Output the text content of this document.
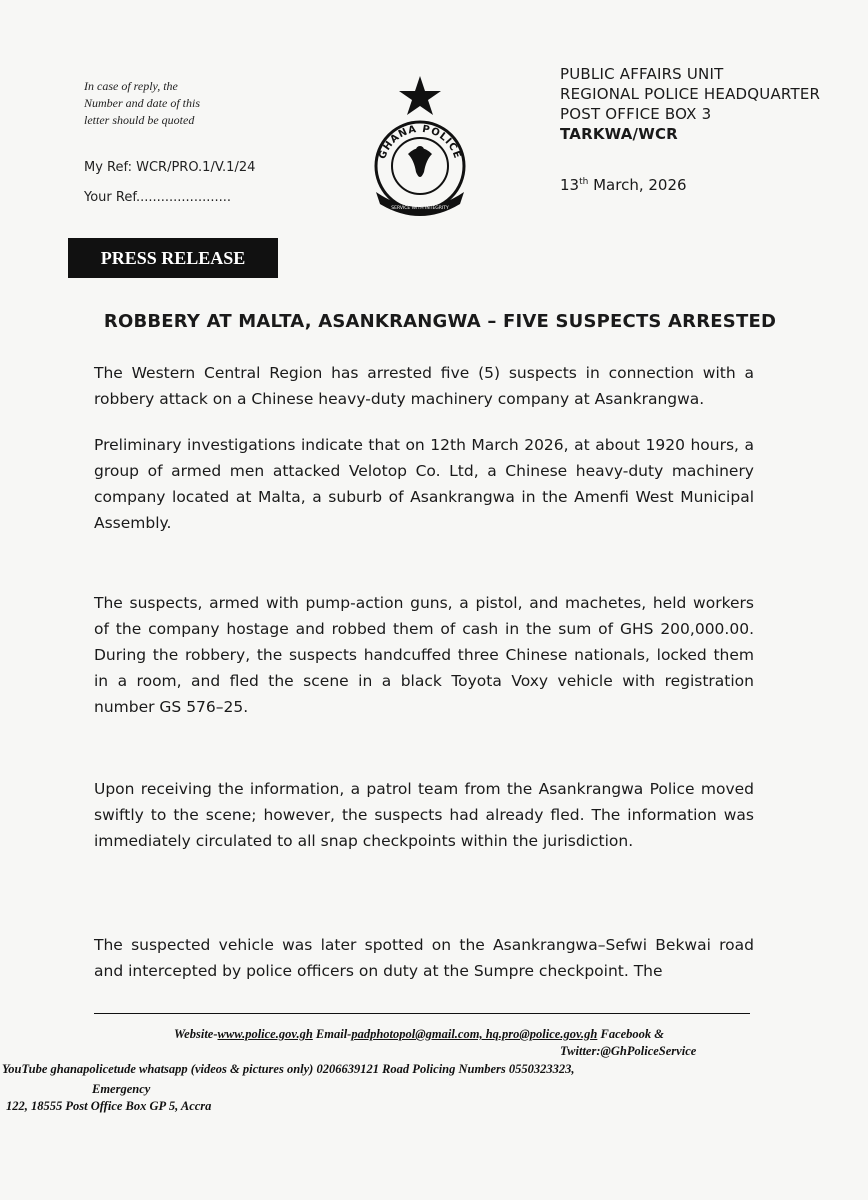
In case of reply, the
Number and date of this
letter should be quoted
My Ref: WCR/PRO.1/V.1/24
Your Ref.......................
GHANA POLICE
SERVICE WITH INTEGRITY
PUBLIC AFFAIRS UNIT
REGIONAL POLICE HEADQUARTER
POST OFFICE BOX 3
TARKWA/WCR
13th March, 2026
PRESS RELEASE
ROBBERY AT MALTA, ASANKRANGWA – FIVE SUSPECTS ARRESTED
The Western Central Region has arrested five (5) suspects in connection with a robbery attack on a Chinese heavy-duty machinery company at Asankrangwa.
Preliminary investigations indicate that on 12th March 2026, at about 1920 hours, a group of armed men attacked Velotop Co. Ltd, a Chinese heavy-duty machinery company located at Malta, a suburb of Asankrangwa in the Amenfi West Municipal Assembly.
The suspects, armed with pump-action guns, a pistol, and machetes, held workers of the company hostage and robbed them of cash in the sum of GHS 200,000.00. During the robbery, the suspects handcuffed three Chinese nationals, locked them in a room, and fled the scene in a black Toyota Voxy vehicle with registration number GS 576–25.
Upon receiving the information, a patrol team from the Asankrangwa Police moved swiftly to the scene; however, the suspects had already fled. The information was immediately circulated to all snap checkpoints within the jurisdiction.
The suspected vehicle was later spotted on the Asankrangwa–Sefwi Bekwai road and intercepted by police officers on duty at the Sumpre checkpoint. The
Website-www.police.gov.gh Email-padphotopol@gmail.com, hq.pro@police.gov.gh Facebook &
Twitter:@GhPoliceService
YouTube ghanapolicetude whatsapp (videos & pictures only) 0206639121 Road Policing Numbers 0550323323,
Emergency
122, 18555 Post Office Box GP 5, Accra
